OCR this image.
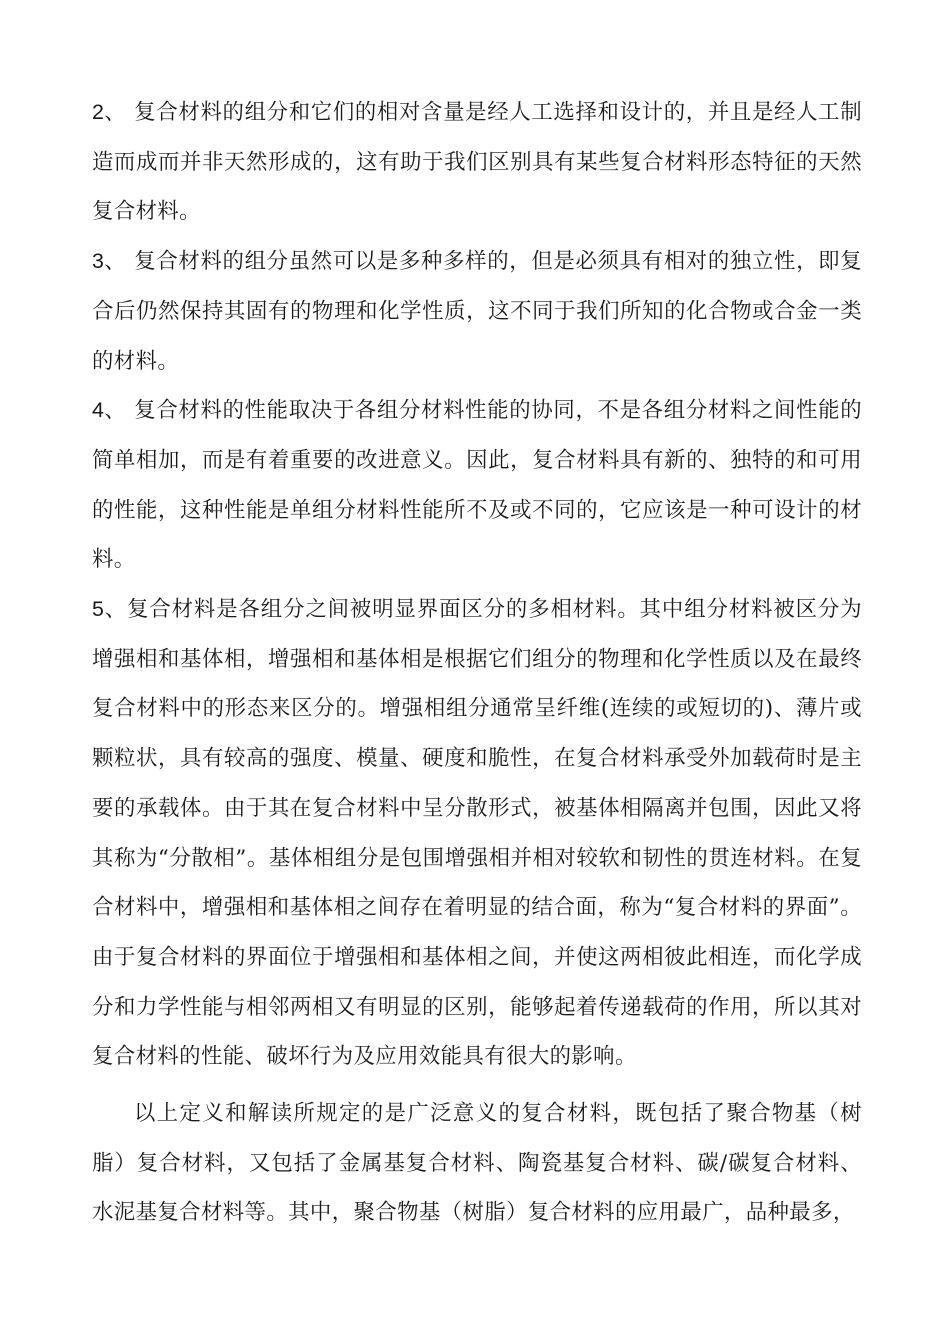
2、 复合材料的组分和它们的相对含量是经人工选择和设计的，并且是经人工制造而成而并非天然形成的，这有助于我们区别具有某些复合材料形态特征的天然复合材料。

3、 复合材料的组分虽然可以是多种多样的，但是必须具有相对的独立性，即复合后仍然保持其固有的物理和化学性质，这不同于我们所知的化合物或合金一类的材料。

4、 复合材料的性能取决于各组分材料性能的协同，不是各组分材料之间性能的简单相加，而是有着重要的改进意义。因此，复合材料具有新的、独特的和可用的性能，这种性能是单组分材料性能所不及或不同的，它应该是一种可设计的材料。

5、复合材料是各组分之间被明显界面区分的多相材料。其中组分材料被区分为增强相和基体相，增强相和基体相是根据它们组分的物理和化学性质以及在最终复合材料中的形态来区分的。增强相组分通常呈纤维(连续的或短切的)、薄片或颗粒状，具有较高的强度、模量、硬度和脆性，在复合材料承受外加载荷时是主要的承载体。由于其在复合材料中呈分散形式，被基体相隔离并包围，因此又将其称为“分散相”。基体相组分是包围增强相并相对较软和韧性的贯连材料。在复合材料中，增强相和基体相之间存在着明显的结合面，称为“复合材料的界面”。由于复合材料的界面位于增强相和基体相之间，并使这两相彼此相连，而化学成分和力学性能与相邻两相又有明显的区别，能够起着传递载荷的作用，所以其对复合材料的性能、破坏行为及应用效能具有很大的影响。

以上定义和解读所规定的是广泛意义的复合材料，既包括了聚合物基（树脂）复合材料，又包括了金属基复合材料、陶瓷基复合材料、碳/碳复合材料、水泥基复合材料等。其中，聚合物基（树脂）复合材料的应用最广，品种最多，
